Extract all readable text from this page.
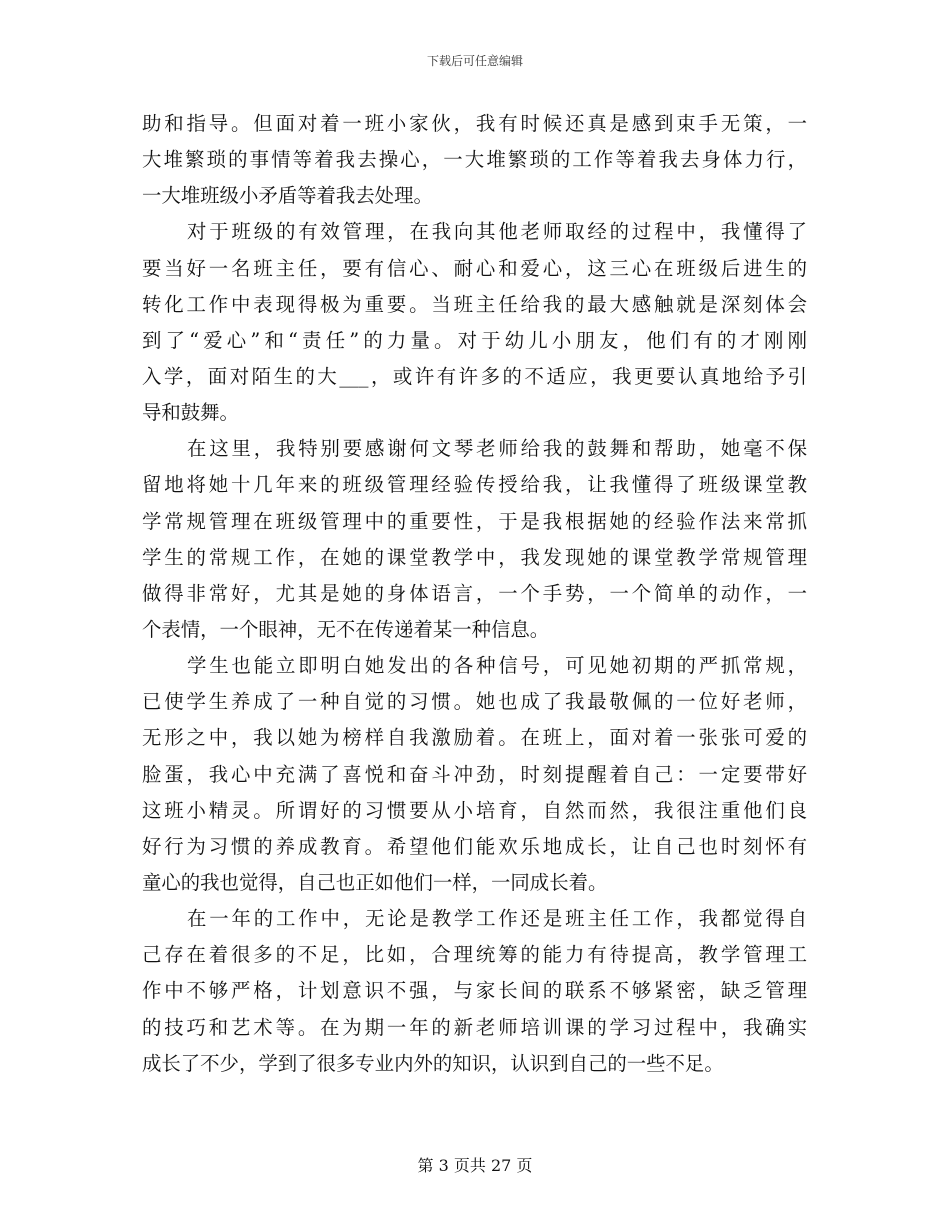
下载后可任意编辑
助和指导。但面对着一班小家伙，我有时候还真是感到束手无策，一
大堆繁琐的事情等着我去操心，一大堆繁琐的工作等着我去身体力行，
一大堆班级小矛盾等着我去处理。
对于班级的有效管理，在我向其他老师取经的过程中，我懂得了
要当好一名班主任，要有信心、耐心和爱心，这三心在班级后进生的
转化工作中表现得极为重要。当班主任给我的最大感触就是深刻体会
到了“爱心”和“责任”的力量。对于幼儿小朋友，他们有的才刚刚
入学，面对陌生的大___，或许有许多的不适应，我更要认真地给予引
导和鼓舞。
在这里，我特别要感谢何文琴老师给我的鼓舞和帮助，她毫不保
留地将她十几年来的班级管理经验传授给我，让我懂得了班级课堂教
学常规管理在班级管理中的重要性，于是我根据她的经验作法来常抓
学生的常规工作，在她的课堂教学中，我发现她的课堂教学常规管理
做得非常好，尤其是她的身体语言，一个手势，一个简单的动作，一
个表情，一个眼神，无不在传递着某一种信息。
学生也能立即明白她发出的各种信号，可见她初期的严抓常规，
已使学生养成了一种自觉的习惯。她也成了我最敬佩的一位好老师，
无形之中，我以她为榜样自我激励着。在班上，面对着一张张可爱的
脸蛋，我心中充满了喜悦和奋斗冲劲，时刻提醒着自己：一定要带好
这班小精灵。所谓好的习惯要从小培育，自然而然，我很注重他们良
好行为习惯的养成教育。希望他们能欢乐地成长，让自己也时刻怀有
童心的我也觉得，自己也正如他们一样，一同成长着。
在一年的工作中，无论是教学工作还是班主任工作，我都觉得自
己存在着很多的不足，比如，合理统筹的能力有待提高，教学管理工
作中不够严格，计划意识不强，与家长间的联系不够紧密，缺乏管理
的技巧和艺术等。在为期一年的新老师培训课的学习过程中，我确实
成长了不少，学到了很多专业内外的知识，认识到自己的一些不足。
第 3 页共 27 页
